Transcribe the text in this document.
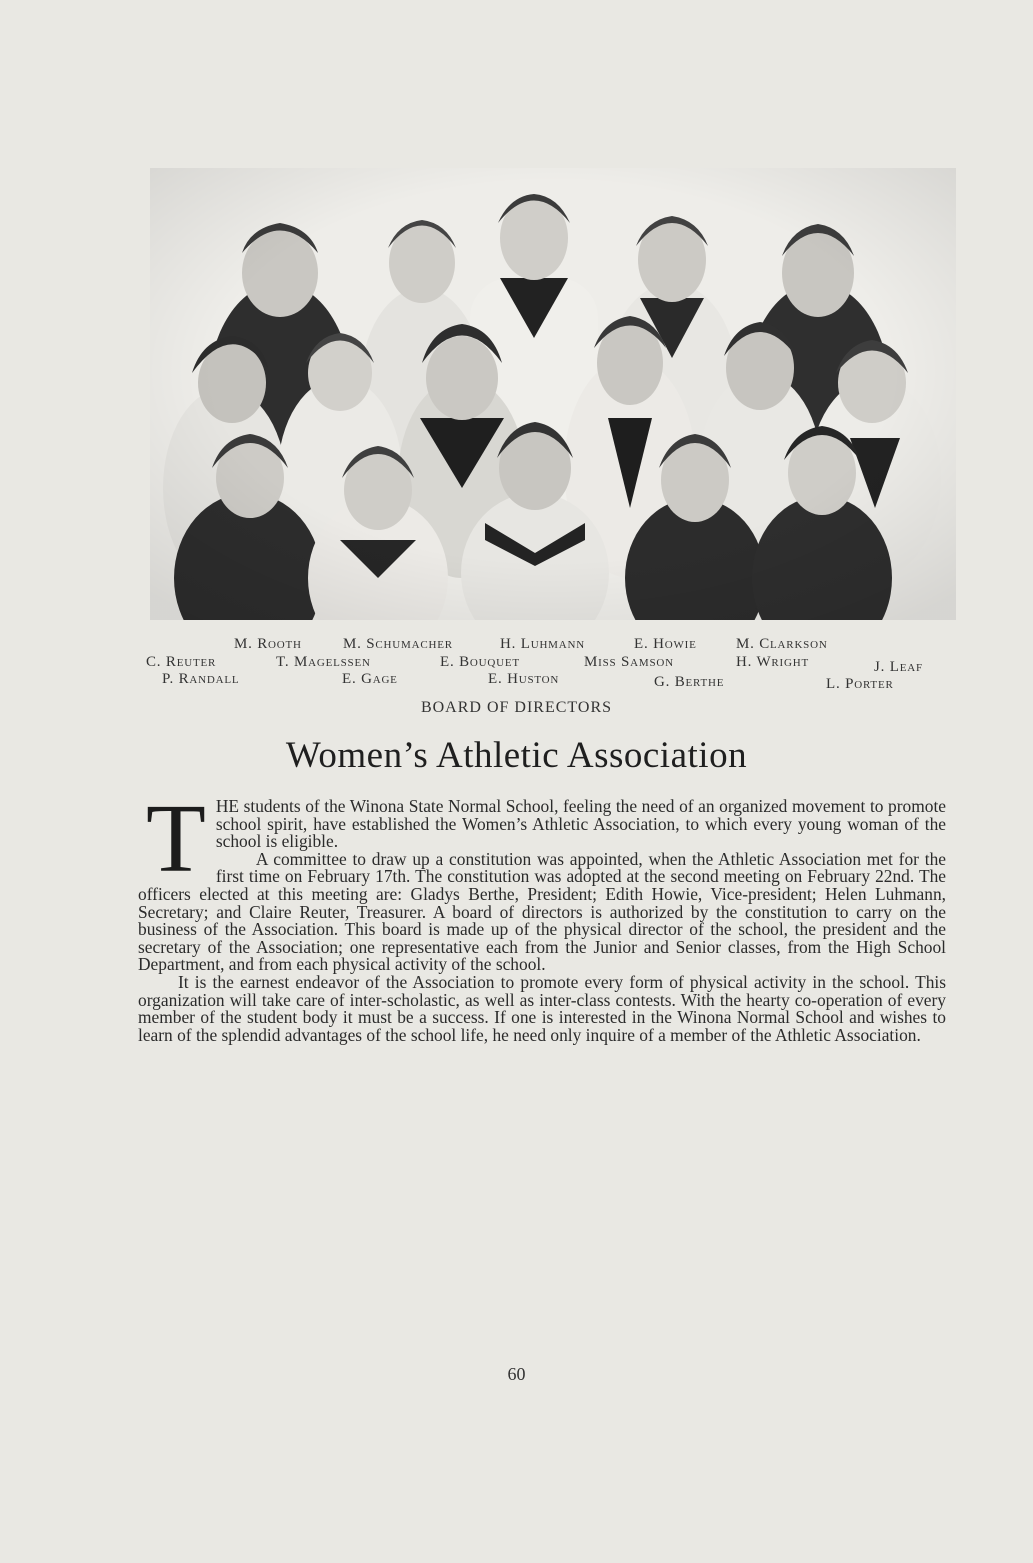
M. Rooth	M. Schumacher	H. Luhmann	E. Howie	M. Clarkson
C. Reuter	T. Magelssen	E. Bouquet	Miss Samson	H. Wright	J. Leaf
P. Randall	E. Gage	E. Huston	G. Berthe	L. Porter
BOARD OF DIRECTORS
Women’s Athletic Association
T HE students of the Winona State Normal School, feeling the need of an organized movement to promote school spirit, have established the Women’s Athletic Association, to which every young woman of the school is eligible.

A committee to draw up a constitution was appointed, when the Athletic Association met for the first time on February 17th. The constitution was adopted at the second meeting on February 22nd. The officers elected at this meeting are: Gladys Berthe, President; Edith Howie, Vice-president; Helen Luhmann, Secretary; and Claire Reuter, Treasurer. A board of directors is authorized by the constitution to carry on the business of the Association. This board is made up of the physical director of the school, the president and the secretary of the Association; one representative each from the Junior and Senior classes, from the High School Department, and from each physical activity of the school.

It is the earnest endeavor of the Association to promote every form of physical activity in the school. This organization will take care of inter-scholastic, as well as inter-class contests. With the hearty co-operation of every member of the student body it must be a success. If one is interested in the Winona Normal School and wishes to learn of the splendid advantages of the school life, he need only inquire of a member of the Athletic Association.

60
